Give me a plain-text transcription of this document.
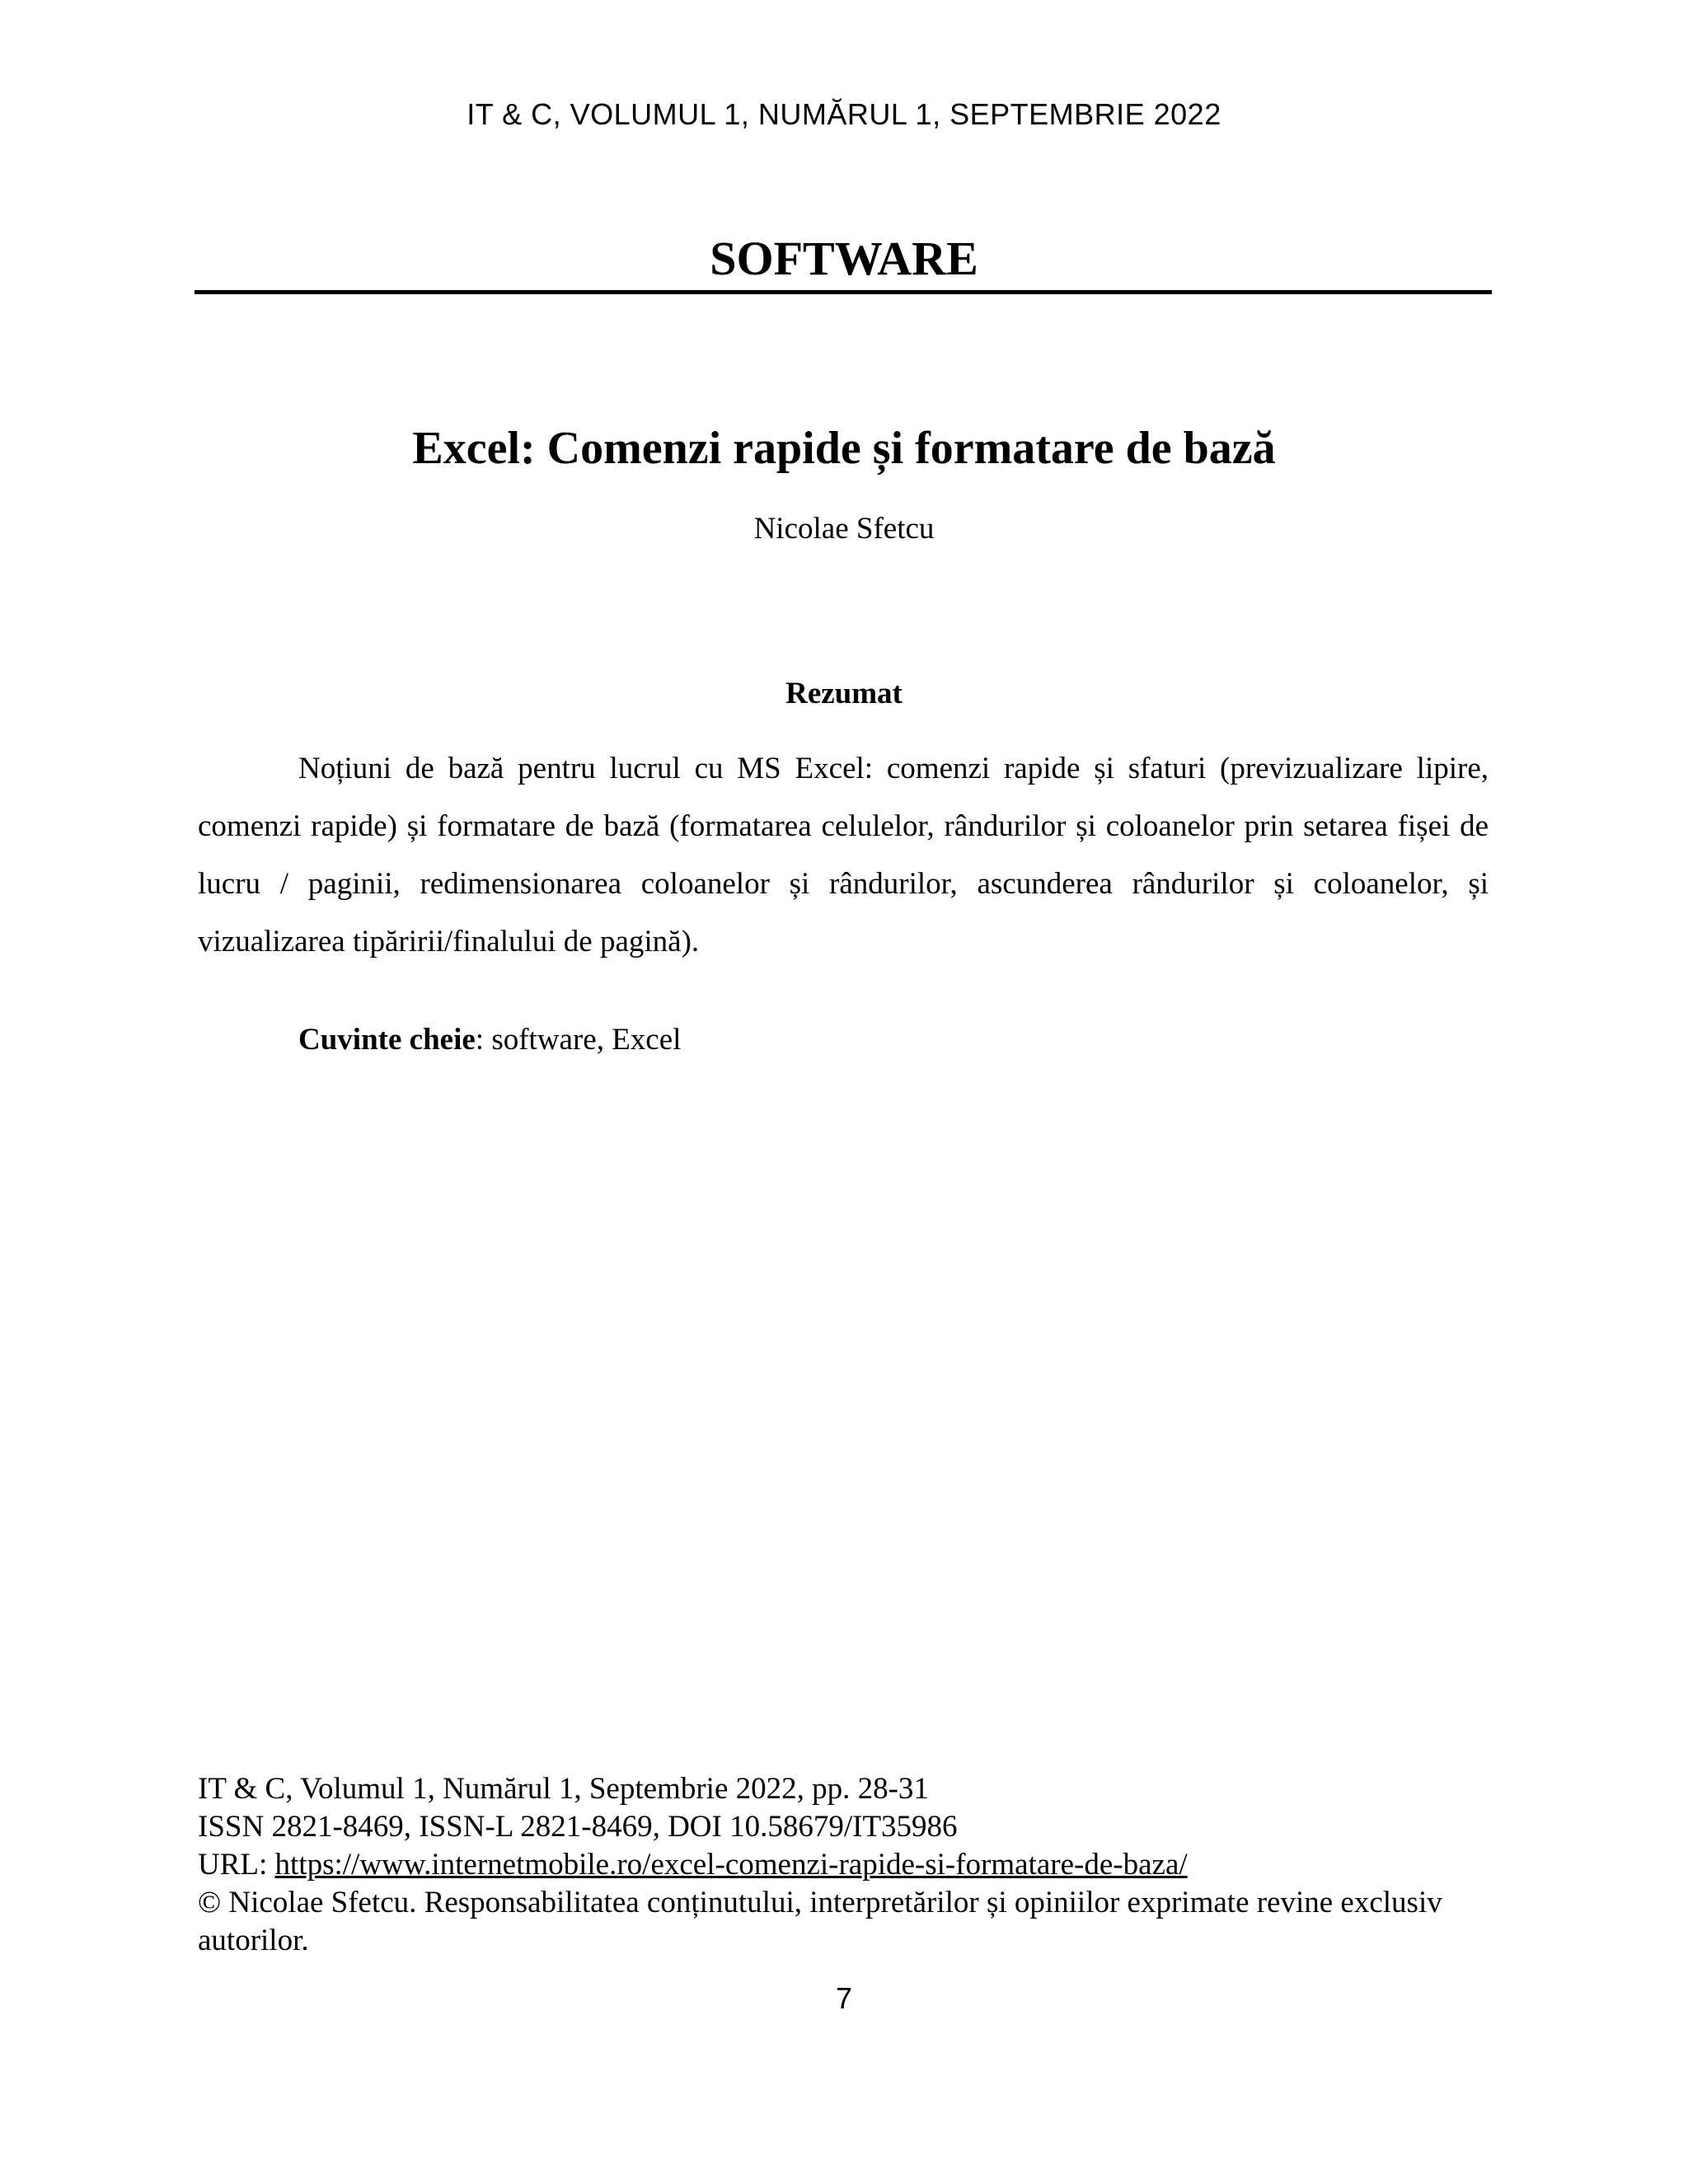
IT & C, VOLUMUL 1, NUMĂRUL 1, SEPTEMBRIE 2022
SOFTWARE
Excel: Comenzi rapide și formatare de bază
Nicolae Sfetcu
Rezumat

Noțiuni de bază pentru lucrul cu MS Excel: comenzi rapide și sfaturi (previzualizare lipire, comenzi rapide) și formatare de bază (formatarea celulelor, rândurilor și coloanelor prin setarea fișei de lucru / paginii, redimensionarea coloanelor și rândurilor, ascunderea rândurilor și coloanelor, și vizualizarea tipăririi/finalului de pagină).

Cuvinte cheie: software, Excel

IT & C, Volumul 1, Numărul 1, Septembrie 2022, pp. 28-31
ISSN 2821-8469, ISSN-L 2821-8469, DOI 10.58679/IT35986
URL: https://www.internetmobile.ro/excel-comenzi-rapide-si-formatare-de-baza/
© Nicolae Sfetcu. Responsabilitatea conținutului, interpretărilor și opiniilor exprimate revine exclusiv autorilor.
7
